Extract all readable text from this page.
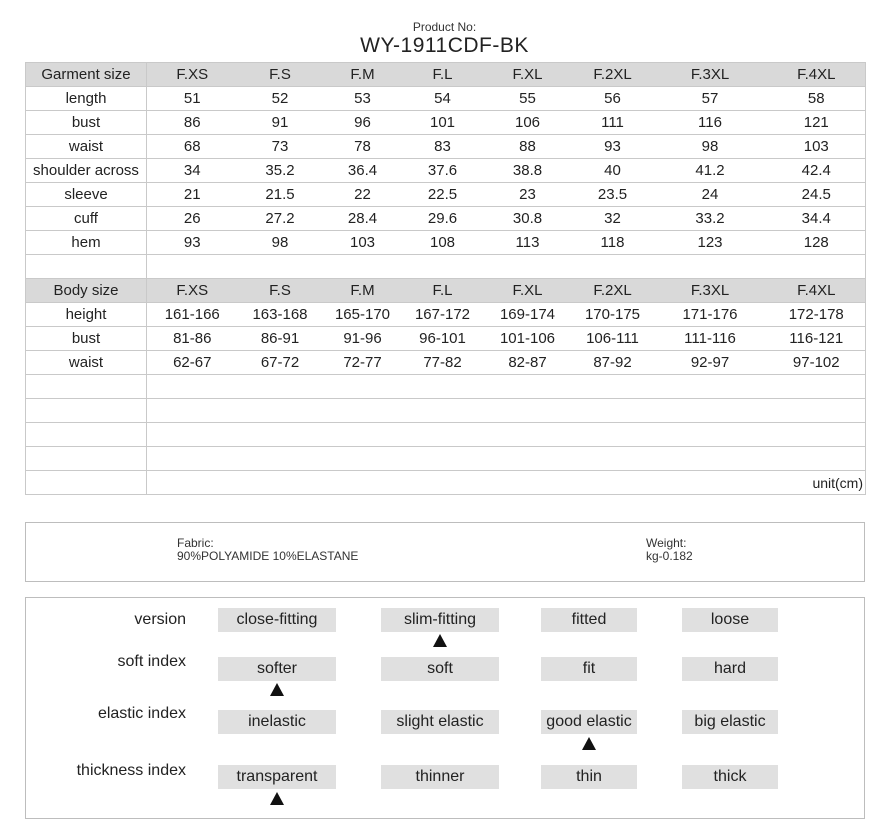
Product No:
WY-1911CDF-BK
Garment size	F.XS	F.S	F.M	F.L	F.XL	F.2XL	F.3XL	F.4XL
length	51	52	53	54	55	56	57	58
bust	86	91	96	101	106	111	116	121
waist	68	73	78	83	88	93	98	103
shoulder across	34	35.2	36.4	37.6	38.8	40	41.2	42.4
sleeve	21	21.5	22	22.5	23	23.5	24	24.5
cuff	26	27.2	28.4	29.6	30.8	32	33.2	34.4
hem	93	98	103	108	113	118	123	128

Body size	F.XS	F.S	F.M	F.L	F.XL	F.2XL	F.3XL	F.4XL
height	161-166	163-168	165-170	167-172	169-174	170-175	171-176	172-178
bust	81-86	86-91	91-96	96-101	101-106	106-111	111-116	116-121
waist	62-67	67-72	72-77	77-82	82-87	87-92	92-97	97-102

	unit(cm)							
Fabric:
90%POLYAMIDE 10%ELASTANE
Weight:
kg-0.182
version	close-fitting	slim-fitting	fitted	loose
soft index	softer	soft	fit	hard
elastic index	inelastic	slight elastic	good elastic	big elastic
thickness index	transparent	thinner	thin	thick
